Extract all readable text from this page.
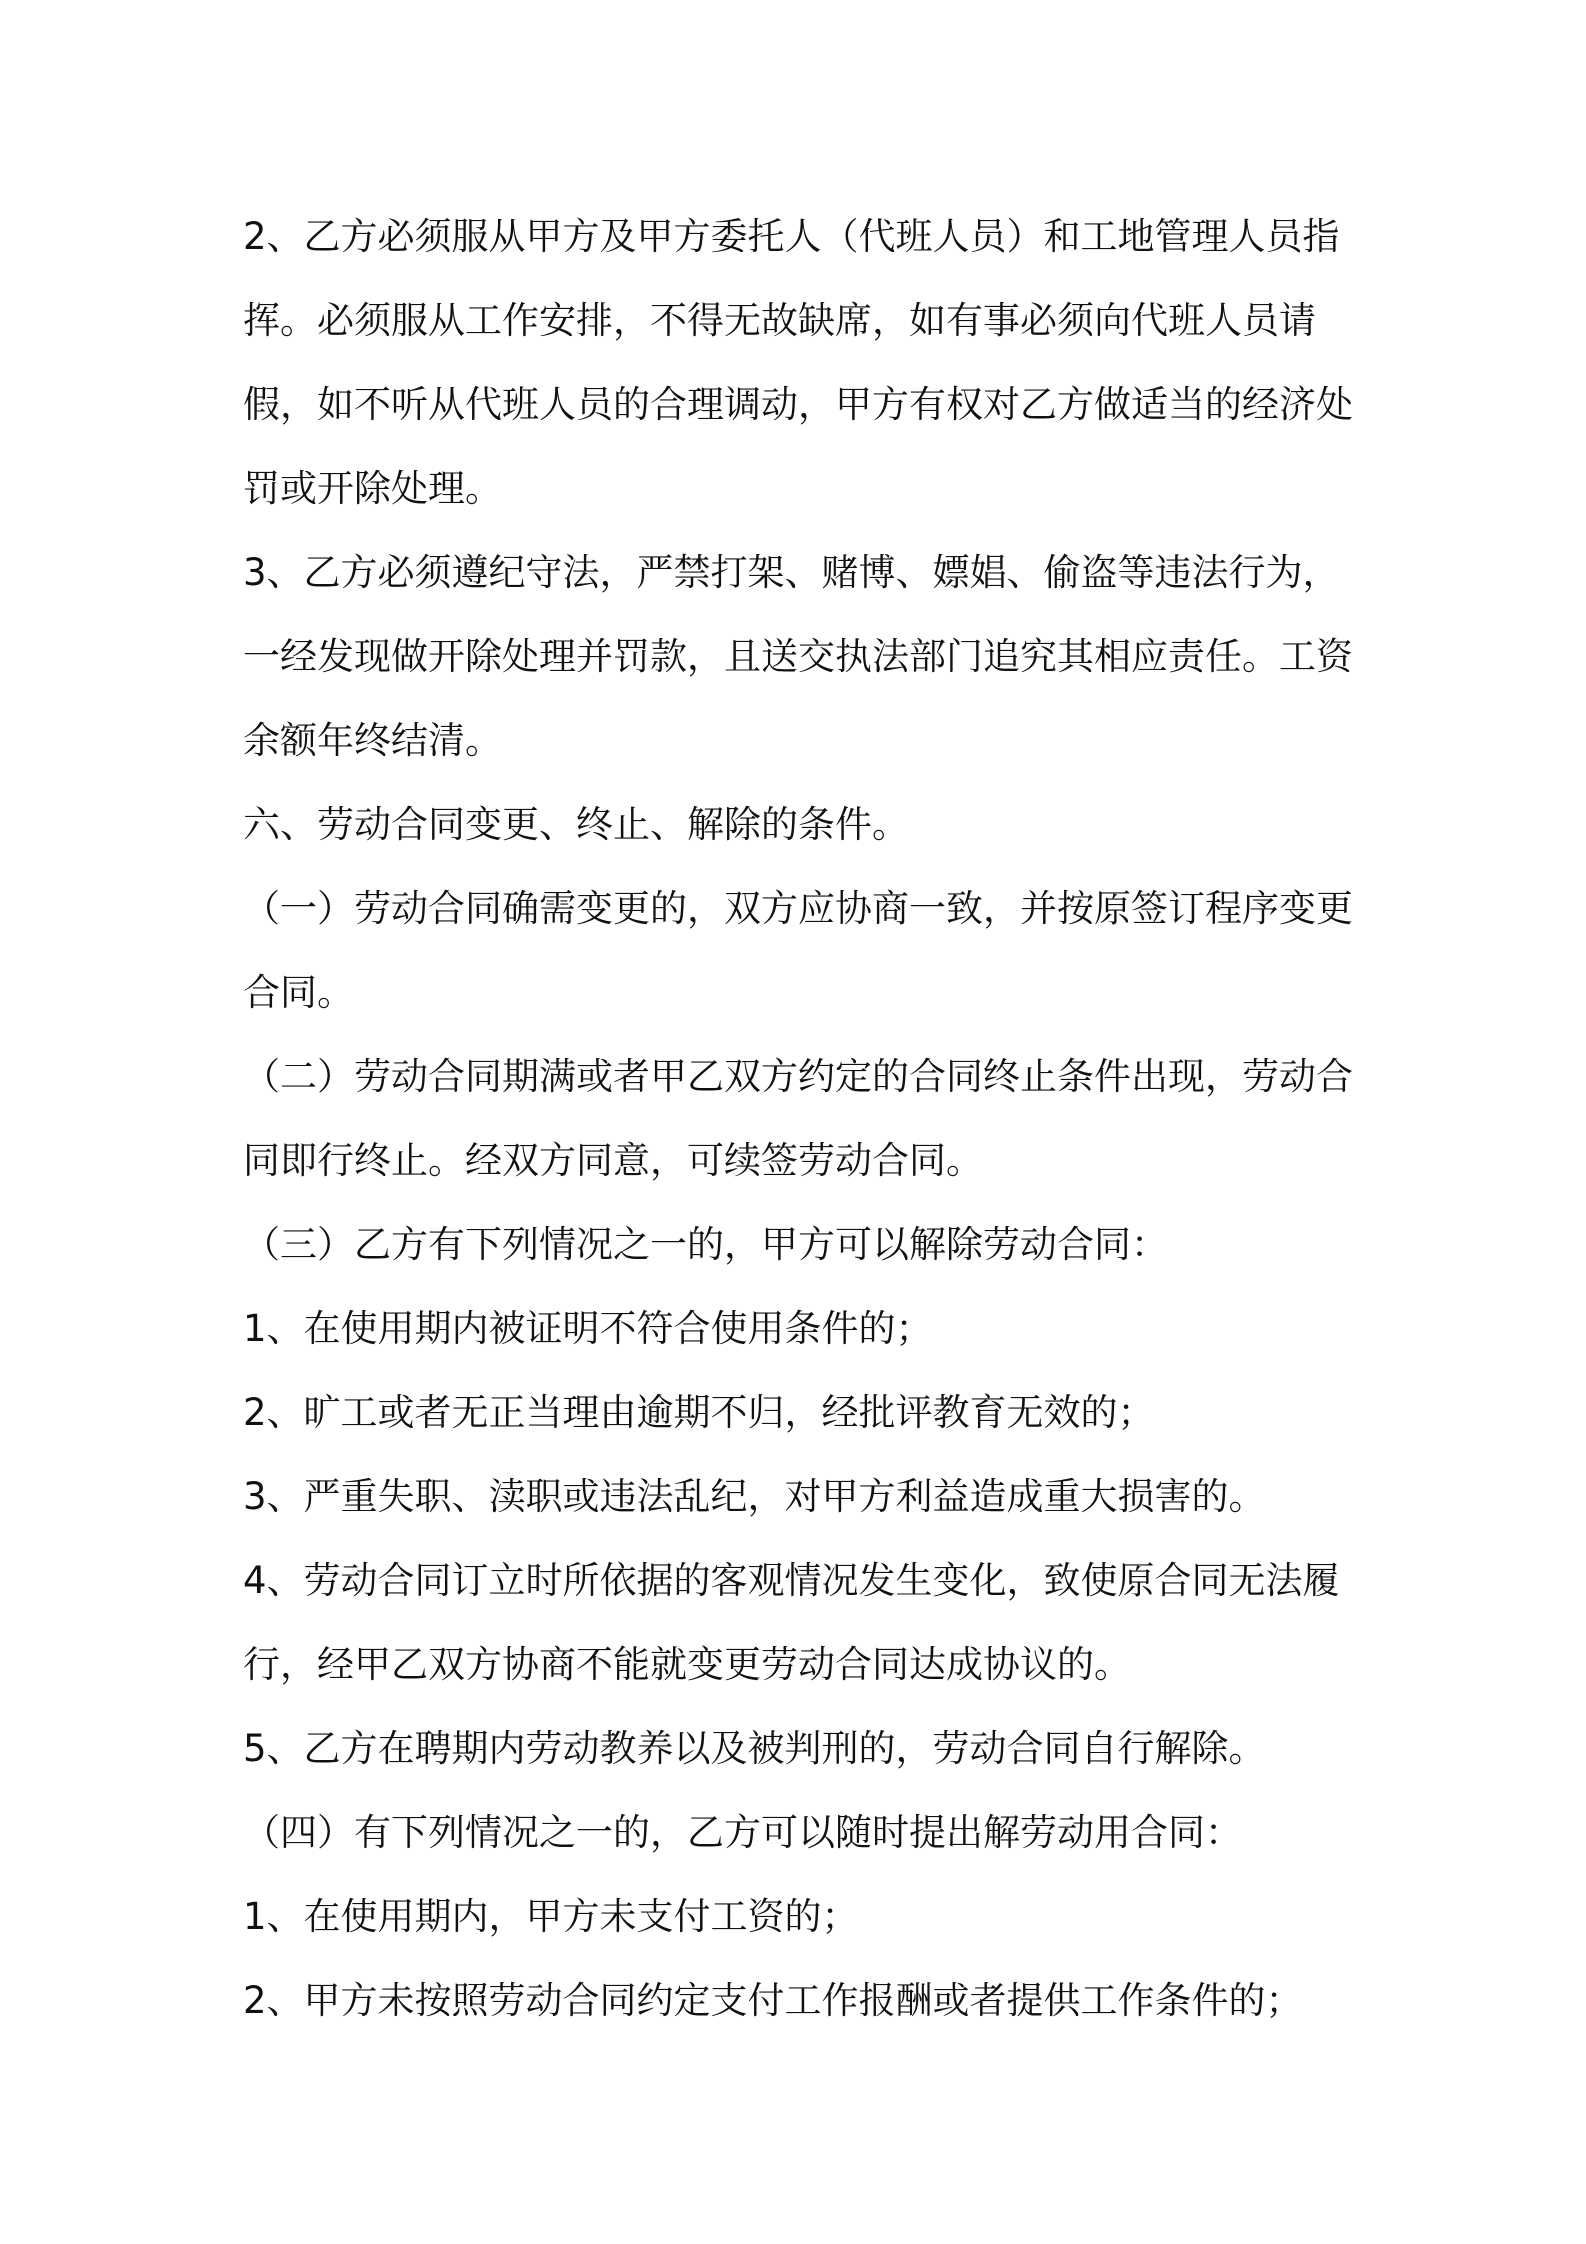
2、乙方必须服从甲方及甲方委托人（代班人员）和工地管理人员指挥。必须服从工作安排，不得无故缺席，如有事必须向代班人员请假，如不听从代班人员的合理调动，甲方有权对乙方做适当的经济处罚或开除处理。

3、乙方必须遵纪守法，严禁打架、赌博、嫖娼、偷盗等违法行为，一经发现做开除处理并罚款，且送交执法部门追究其相应责任。工资余额年终结清。

六、劳动合同变更、终止、解除的条件。

（一）劳动合同确需变更的，双方应协商一致，并按原签订程序变更合同。

（二）劳动合同期满或者甲乙双方约定的合同终止条件出现，劳动合同即行终止。经双方同意，可续签劳动合同。

（三）乙方有下列情况之一的，甲方可以解除劳动合同：

1、在使用期内被证明不符合使用条件的；

2、旷工或者无正当理由逾期不归，经批评教育无效的；

3、严重失职、渎职或违法乱纪，对甲方利益造成重大损害的。

4、劳动合同订立时所依据的客观情况发生变化，致使原合同无法履行，经甲乙双方协商不能就变更劳动合同达成协议的。

5、乙方在聘期内劳动教养以及被判刑的，劳动合同自行解除。

（四）有下列情况之一的，乙方可以随时提出解劳动用合同：

1、在使用期内，甲方未支付工资的；

2、甲方未按照劳动合同约定支付工作报酬或者提供工作条件的；
